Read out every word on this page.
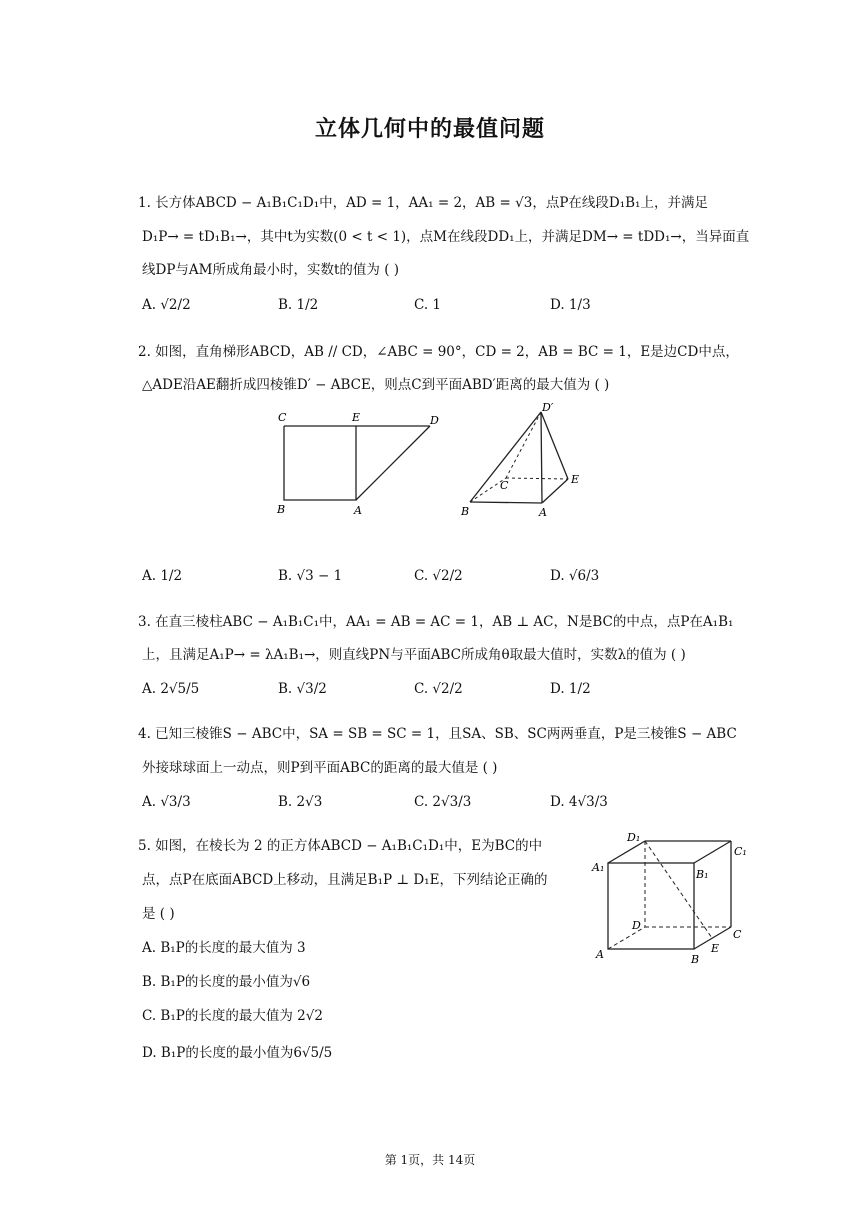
立体几何中的最值问题
1. 长方体ABCD − A₁B₁C₁D₁中，AD = 1，AA₁ = 2，AB = √3，点P在线段D₁B₁上，并满足
D₁P→ = tD₁B₁→，其中t为实数(0 < t < 1)，点M在线段DD₁上，并满足DM→ = tDD₁→，当异面直
线DP与AM所成角最小时，实数t的值为 ( )
A. √2/2	B. 1/2	C. 1	D. 1/3
2. 如图，直角梯形ABCD，AB // CD，∠ABC = 90°，CD = 2，AB = BC = 1，E是边CD中点，
△ADE沿AE翻折成四棱锥D′ − ABCE，则点C到平面ABD′距离的最大值为 ( )
C	E	D
B	A
D′
C	E
B	A
A. 1/2	B. √3 − 1	C. √2/2	D. √6/3
3. 在直三棱柱ABC − A₁B₁C₁中，AA₁ = AB = AC = 1，AB ⊥ AC，N是BC的中点，点P在A₁B₁
上，且满足A₁P→ = λA₁B₁→，则直线PN与平面ABC所成角θ取最大值时，实数λ的值为 ( )
A. 2√5/5	B. √3/2	C. √2/2	D. 1/2
4. 已知三棱锥S − ABC中，SA = SB = SC = 1，且SA、SB、SC两两垂直，P是三棱锥S − ABC
外接球球面上一动点，则P到平面ABC的距离的最大值是 ( )
A. √3/3	B. 2√3	C. 2√3/3	D. 4√3/3
5. 如图，在棱长为 2 的正方体ABCD − A₁B₁C₁D₁中，E为BC的中
点，点P在底面ABCD上移动，且满足B₁P ⊥ D₁E，下列结论正确的
是 ( )
A. B₁P的长度的最大值为 3
B. B₁P的长度的最小值为√6
C. B₁P的长度的最大值为 2√2
D. B₁P的长度的最小值为6√5/5
D₁
C₁
A₁
B₁
D
C
A	B
E
第 1页，共 14页
